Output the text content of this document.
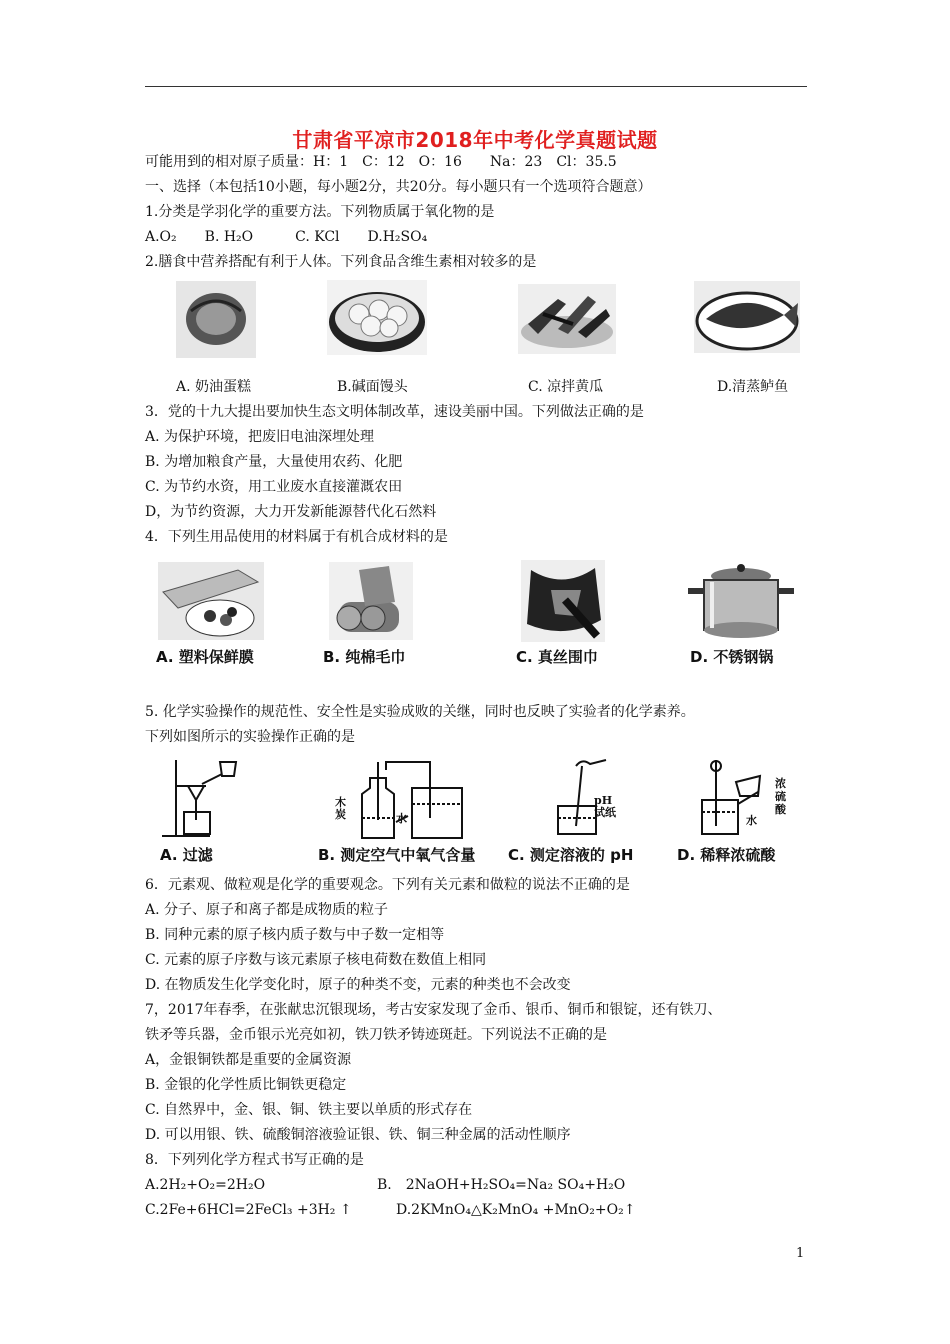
甘肃省平凉市2018年中考化学真题试题
可能用到的相对原子质量：H：1　C：12　O：16　　Na：23　Cl：35.5
一、选择（本包括10小题，每小题2分，共20分。每小题只有一个选项符合题意）
1.分类是学羽化学的重要方法。下列物质属于氧化物的是
A.O₂　　B. H₂O　　　C. KCl　　D.H₂SO₄
2.膳食中营养搭配有利于人体。下列食品含维生素相对较多的是
A. 奶油蛋糕	B.碱面馒头	C. 凉拌黄瓜	D.清蒸鲈鱼
3．党的十九大提出要加快生态文明体制改革，速设美丽中国。下列做法正确的是
A. 为保护环境，把废旧电油深埋处理
B. 为增加粮食产量，大量使用农药、化肥
C. 为节约水资，用工业废水直接灌溉农田
D，为节约资源，大力开发新能源替代化石然料
4．下列生用品使用的材料属于有机合成材料的是
A. 塑料保鲜膜	B. 纯棉毛巾	C. 真丝围巾	D. 不锈钢锅
5. 化学实验操作的规范性、安全性是实验成败的关继，同时也反映了实验者的化学素养。
下列如图所示的实验操作正确的是
木炭	水
pH试纸
水
浓硫酸
A. 过滤	B. 测定空气中氧气含量 C. 测定溶液的 pH	D. 稀释浓硫酸
6．元素观、做粒观是化学的重要观念。下列有关元素和做粒的说法不正确的是
A. 分子、原子和离子都是成物质的粒子
B. 同种元素的原子核内质子数与中子数一定相等
C. 元素的原子序数与该元素原子核电荷数在数值上相同
D. 在物质发生化学变化时，原子的种类不变，元素的种类也不会改变
7，2017年春季，在张献忠沉银现场，考古安家发现了金币、银币、铜币和银锭，还有铁刀、
铁矛等兵器，金币银示光亮如初，铁刀铁矛铸迹斑赶。下列说法不正确的是
A，金银铜铁都是重要的金属资源
B. 金银的化学性质比铜铁更稳定
C. 自然界中，金、银、铜、铁主要以单质的形式存在
D. 可以用银、铁、硫酸铜溶液验证银、铁、铜三种金属的活动性顺序
8．下列列化学方程式书写正确的是
A.2H₂+O₂=2H₂O	B.　2NaOH+H₂SO₄=Na₂ SO₄+H₂O
C.2Fe+6HCl=2FeCl₃ +3H₂ ↑	D.2KMnO₄△K₂MnO₄ +MnO₂+O₂↑
1
